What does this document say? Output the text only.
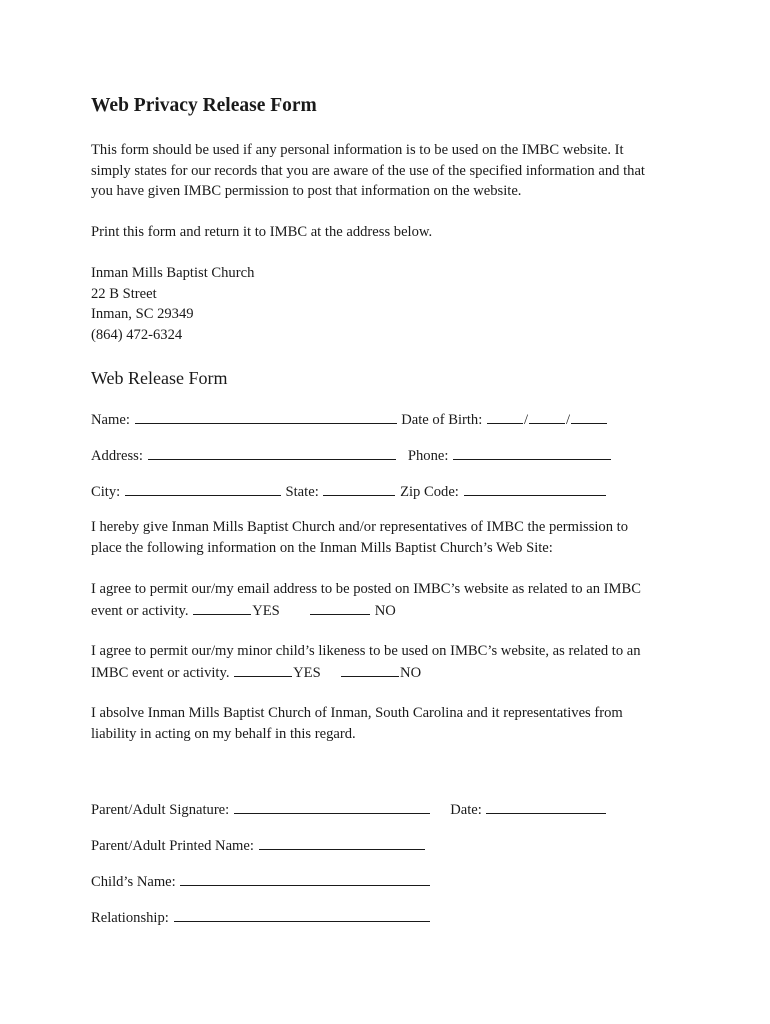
Web Privacy Release Form
This form should be used if any personal information is to be used on the IMBC website. It
simply states for our records that you are aware of the use of the specified information and that
you have given IMBC permission to post that information on the website.

Print this form and return it to IMBC at the address below.

Inman Mills Baptist Church
22 B Street
Inman, SC 29349
(864) 472-6324
Web Release Form
Name:	Date of Birth:	/	/
Address:	Phone:
City:	State:	Zip Code:
I hereby give Inman Mills Baptist Church and/or representatives of IMBC the permission to
place the following information on the Inman Mills Baptist Church’s Web Site:
I agree to permit our/my email address to be posted on IMBC’s website as related to an IMBC
event or activity.	YES	NO
I agree to permit our/my minor child’s likeness to be used on IMBC’s website, as related to an
IMBC event or activity.	YES	NO
I absolve Inman Mills Baptist Church of Inman, South Carolina and it representatives from
liability in acting on my behalf in this regard.
Parent/Adult Signature:	Date:
Parent/Adult Printed Name:
Child’s Name:
Relationship:
